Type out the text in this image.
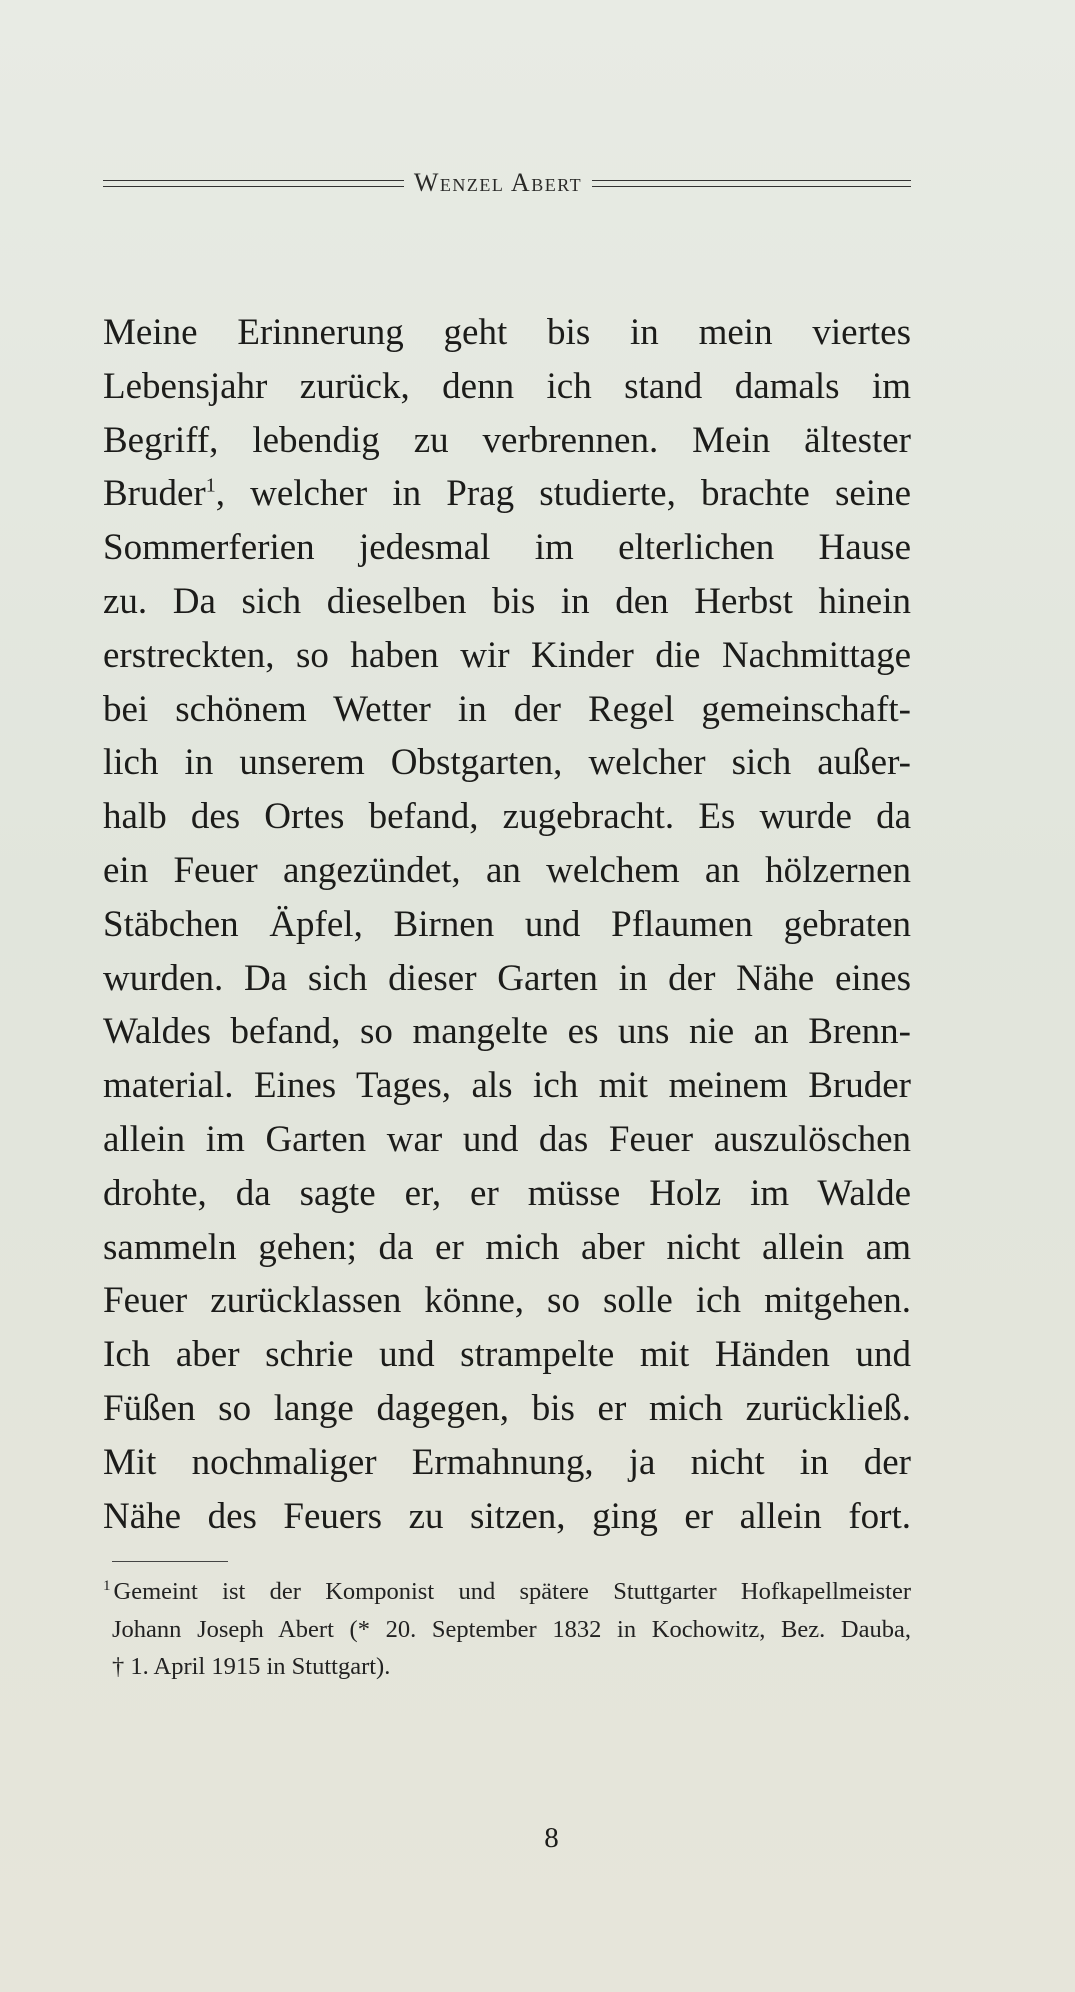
Wenzel Abert
Meine Erinnerung geht bis in mein viertes
Lebensjahr zurück, denn ich stand damals im
Begriff, lebendig zu verbrennen. Mein ältester
Bruder$^1$, welcher in Prag studierte, brachte seine
Sommerferien jedesmal im elterlichen Hause
zu. Da sich dieselben bis in den Herbst hinein
erstreckten, so haben wir Kinder die Nachmittage
bei schönem Wetter in der Regel gemeinschaft-
lich in unserem Obstgarten, welcher sich außer-
halb des Ortes befand, zugebracht. Es wurde da
ein Feuer angezündet, an welchem an hölzernen
Stäbchen Äpfel, Birnen und Pflaumen gebraten
wurden. Da sich dieser Garten in der Nähe eines
Waldes befand, so mangelte es uns nie an Brenn-
material. Eines Tages, als ich mit meinem Bruder
allein im Garten war und das Feuer auszulöschen
drohte, da sagte er, er müsse Holz im Walde
sammeln gehen; da er mich aber nicht allein am
Feuer zurücklassen könne, so solle ich mitgehen.
Ich aber schrie und strampelte mit Händen und
Füßen so lange dagegen, bis er mich zurückließ.
Mit nochmaliger Ermahnung, ja nicht in der
Nähe des Feuers zu sitzen, ging er allein fort.
$^1$ Gemeint ist der Komponist und spätere Stuttgarter Hofkapellmeister
Johann Joseph Abert (* 20. September 1832 in Kochowitz, Bez. Dauba,
† 1. April 1915 in Stuttgart).
8
